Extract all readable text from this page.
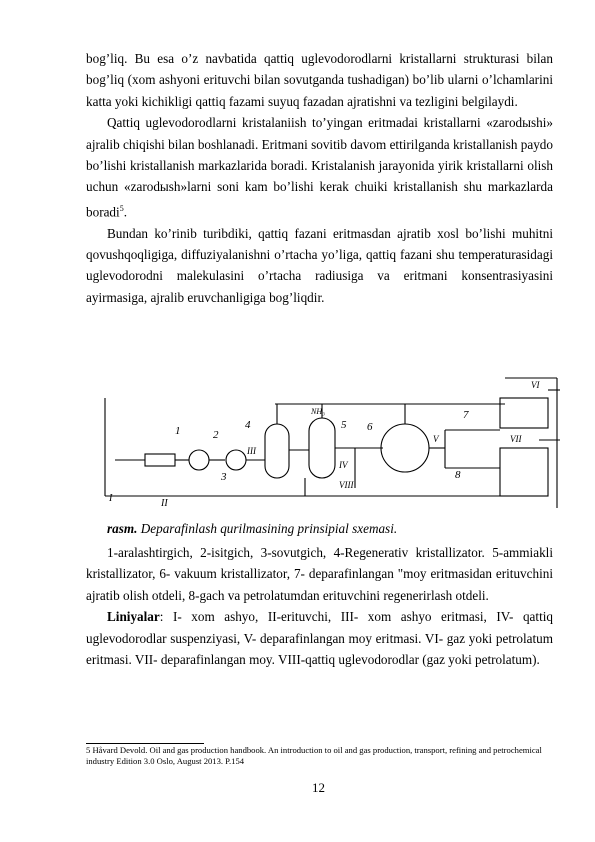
bog’liq. Bu esa o’z navbatida qattiq uglevodorodlarni kristallarni strukturasi bilan bog’liq (xom ashyoni erituvchi bilan sovutganda tushadigan) bo’lib ularni o’lchamlarini katta yoki kichikligi qattiq fazami suyuq fazadan ajratishni va tezligini belgilaydi.

Qattiq uglevodorodlarni kristalaniish to’yingan eritmadai kristallarni «zarodыshi» ajralib chiqishi bilan boshlanadi. Eritmani sovitib davom ettirilganda kristallanish paydo bo’lishi kristallanish markazlarida boradi. Kristalanish jarayonida yirik kristallarni olish uchun «zarodыsh»larni soni kam bo’lishi kerak chuiki kristallanish shu markazlarda boradi$^5$.

Bundan ko’rinib turibdiki, qattiq fazani eritmasdan ajratib xosl bo’lishi muhitni qovushqoqligiga, diffuziyalanishni o’rtacha yo’liga, qattiq fazani shu temperaturasidagi uglevodorodni malekulasini o’rtacha radiusiga va eritmani konsentrasiyasini ayirmasiga, ajralib eruvchanligiga bog’liqdir.

1	2
3
4	5 6
7
8
I	II
III
IV
V
VI
VII
VIII
NH₃
rasm. Deparafinlash qurilmasining prinsipial sxemasi.

1-aralashtirgich, 2-isitgich, 3-sovutgich, 4-Regenerativ kristallizator. 5-ammiakli kristallizator, 6- vakuum kristallizator, 7- deparafinlangan "moy eritmasidan erituvchini ajratib olish otdeli, 8-gach va petrolatumdan erituvchini regenerirlash otdeli.

Liniyalar: I- xom ashyo, II-erituvchi, III- xom ashyo eritmasi, IV- qattiq uglevodorodlar suspenziyasi, V- deparafinlangan moy eritmasi. VI- gaz yoki petrolatum eritmasi. VII- deparafinlangan moy. VIII-qattiq uglevodorodlar (gaz yoki petrolatum).

5 Håvard Devold. Oil and gas production handbook. An introduction to oil and gas production, transport, refining and petrochemical industry Edition 3.0 Oslo, August 2013. P.154
12
